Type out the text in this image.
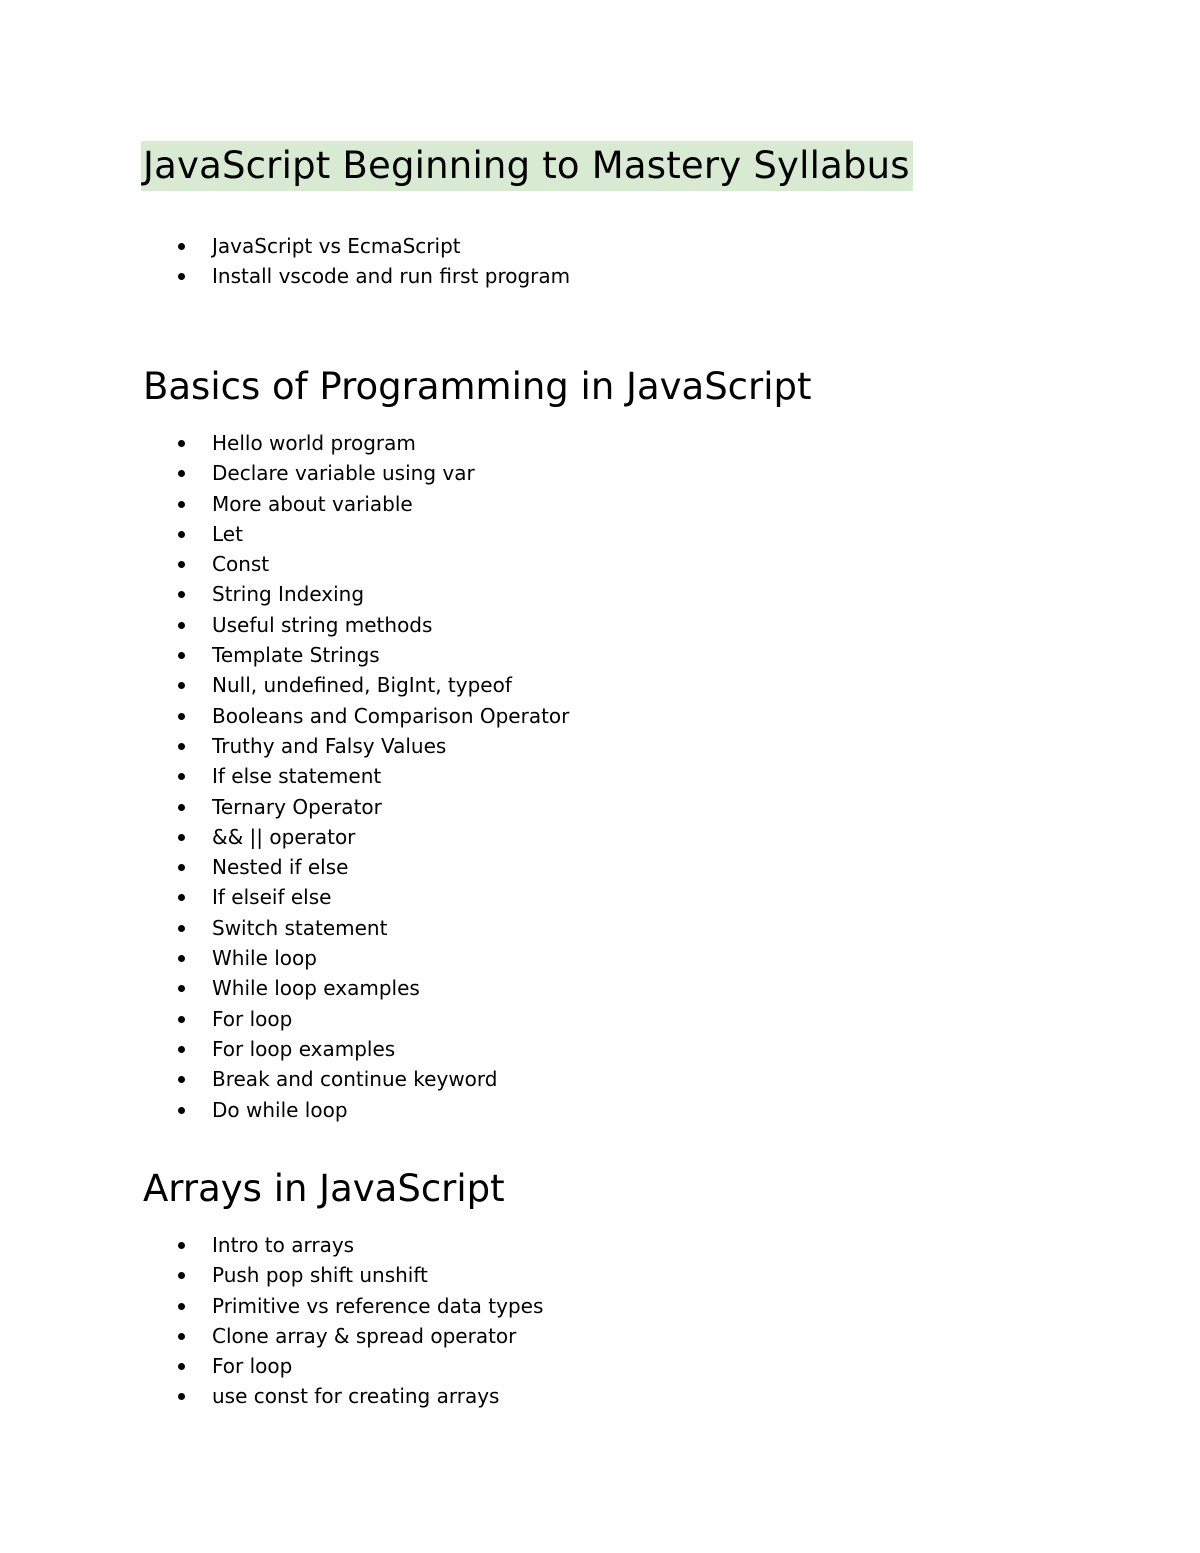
JavaScript Beginning to Mastery Syllabus
JavaScript vs EcmaScript
Install vscode and run first program
Basics of Programming in JavaScript
Hello world program
Declare variable using var
More about variable
Let
Const
String Indexing
Useful string methods
Template Strings
Null, undefined, BigInt, typeof
Booleans and Comparison Operator
Truthy and Falsy Values
If else statement
Ternary Operator
&& || operator
Nested if else
If elseif else
Switch statement
While loop
While loop examples
For loop
For loop examples
Break and continue keyword
Do while loop
Arrays in JavaScript
Intro to arrays
Push pop shift unshift
Primitive vs reference data types
Clone array & spread operator
For loop
use const for creating arrays
